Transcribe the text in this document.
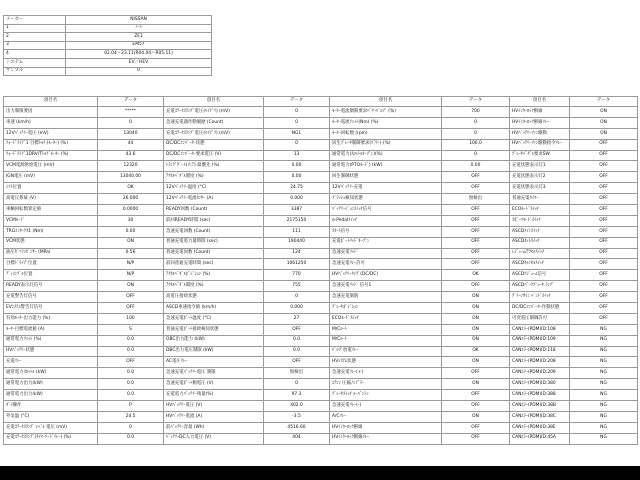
メーカー	NISSAN
1	ﾉｰﾄ
2	ZE1
3	EM57
4	02.04～23.11(R04.04～R05.11)
システム	EV／HEV
サンプル	0
項目名	データ	項目名	データ	項目名	データ	項目名	データ
出力制限要因	*****	充電ｽﾃｰﾀｽﾗﾝﾌﾟ電圧(ﾊｲﾌﾞﾘ) (mV)	0	ﾓｰﾀｰ電流制限要求ﾊﾟﾜｰﾊﾞﾙﾌﾞ (%)	700	HVｲﾝﾀｰﾛｯｸ断線	ON
車速 (km/h)	0	急速充電器作動履歴 (Count)	0	ﾓｰﾀｰ電流ﾘﾐｯﾄ(Nm) (%)	0	HVｲﾝﾀｰﾛｯｸ断線ﾘﾚｰ	ON
12Vﾊﾞｯﾃﾘｰ電圧 (mV)	13040	充電ｽﾃｰﾀｽﾗﾝﾌﾟ電圧(ﾊｲﾌﾞﾘ) (mV)	NG1	ﾓｰﾀｰ回転数 (rpm)	0	HVﾊﾞｯﾃﾘｰﾌｧﾝ駆動	ON
ﾌｫｰﾄﾞﾗｲﾌﾞ1 目標ﾄﾙｸ (ﾓｰﾀｰ) (%)	44	DC/DCｺﾝﾊﾞｰﾀｰ状態	0	回生ﾌﾞﾚｰｷ制御要求(ﾊﾟﾜｰ) (%)	100.0	HVﾊﾞｯﾃﾘｰﾌｧﾝ駆動指令ﾘﾚｰ	OFF
ﾌｫｰﾄﾞﾗｲﾌﾞ1DRV/Tﾄﾙｸﾞﾓｰﾀｰ (%)	43.6	DC/DCｺﾝﾊﾞｰﾀｰ要求電圧 (V)	13	通常電力(ｽﾛｯﾄﾙｵｰﾌﾟﾝ)(%)	0	ﾌﾞﾚｰｷﾍﾟﾀﾞﾙ要求SW	OFF
VCM電源供給電圧 (mV)	12320	ﾄﾗﾝｸﾞｹﾞｰﾄ(ﾘﾆｱ) 最優先 (%)	0.00	通常電力(PTOﾓｰﾄﾞ) (kW)	0.00	充電状態表示灯1	OFF
IGN電圧 (mV)	13040.00	ｱｸｾﾙﾍﾟﾀﾞﾙ開度 (%)	0.00	回生制御状態	OFF	充電状態表示灯2	OFF
ｼﾌﾄ位置	OK	12Vﾊﾞｯﾃﾘｰ温度 (°C)	24.75	12Vﾊﾞｯﾃﾘｰ充電	OFF	充電状態表示灯3	OFF
高電圧系統 (V)	26.000	12Vﾊﾞｯﾃﾘｰ電流ｾﾝｻｰ (A)	0.000	ﾌﾞﾗｯｼｭ検知状態	無検出	普通充電ﾀｲﾏｰ	OFF
車輌回転数算定値	0.0000	READY回数 (Count)	3387	ﾊﾞｯﾃﾘｰｼﾞｮﾝｽｲｯﾁ信号	OFF	ECOﾓｰﾄﾞｽｲｯﾁ	OFF
VCMﾓｰﾄﾞ	30	前回READY時間 (sec)	2175150	e-Pedalｽｲｯﾁ	OFF	ｽﾎﾟｰﾂﾓｰﾄﾞｽｲｯﾁ	OFF
TRGｺﾝﾀｰｸﾀ1 (Nm)	0.00	急速充電回数 (Count)	111	ｽﾀｰﾄ信号	OFF	ASCDﾒｲﾝｽｲｯﾁ	OFF
VCM状態	ON	普通充電電力量時間 (sec)	190440	充電ﾎﾟｰﾄﾘｯﾄﾞｵｰﾌﾟﾝ	OFF	ASCDｾｯﾄｽｲｯﾁ	OFF
油圧ｶﾞｿﾘﾝｾﾞﾝｻｰ (MPa)	0.56	普通充電回数 (Count)	124	急速充電ﾘｯﾄﾞ	OFF	ﾚｼﾞｭｰﾑ/ｱｸｾﾙｽｲｯﾁ	OFF
目標ﾄﾞﾗｲﾌﾞ位置	N/P	前回普通充電時間 (sec)	1061250	急速充電ﾘﾚｰ許可	OFF	ASCDｷｬﾝｾﾙｽｲｯﾁ	OFF
ﾃﾞｨﾒﾝﾌﾞﾙ位置	N/P	ｱｸｾﾙﾍﾟﾀﾞﾙﾎﾟｼﾞｼｮﾝ (%)	770	HVﾊﾞｯﾃﾘｰﾀｲﾌﾟ(DC/DC)	OK	ASCDﾘｼﾞｭｰﾑ信号	OFF
READY表示灯信号	ON	ｱｸｾﾙﾍﾟﾀﾞﾙ開度 (%)	755	急速充電ﾘｯﾄﾞ 信号1	OFF	ASCDﾊﾟｰｸﾌﾞﾚｰｷ ﾗﾝﾌﾟ	OFF
充電警告灯信号	OFF	高電圧接続状態	0	急速充電制限	ON	ｸﾞﾘｰﾝｻｲﾝ ﾍﾞﾝﾄﾞｽｲｯﾁ	OFF
EVｼｽﾃﾑ警告灯信号	OFF	ASCD車速指令値 (km/h)	0.000	ﾌﾞﾚｰｷﾎﾟｼﾞｼｮﾝ	ON	DC/DCｺﾝﾊﾞｰﾀｰ作動状態	OFF
有効ﾓｰﾀｰ出力能力 (%)	100	急速充電ﾎﾟｰﾄ温度 (°C)	27	ECOﾓｰﾄﾞｽｲｯﾁ	ON	可変電圧制御許可	OFF
ﾓｰﾀｰ目標電流値 (A)	S	普通充電ﾎﾟｰﾄ接続検知状態	OFF	M/Cﾙｰﾄ	ON	CANｴﾗｰ(PDM)ID:108	NG
通常電力ﾘﾐｯﾄ (%)	0.0	OBC出力能力 (kW)	0.0	M/Cﾙｰﾄ	ON	CANｴﾗｰ(PDM)ID:109	NG
HVﾊﾞｯﾃﾘｰ状態	0.0	DBC出力電圧制限 (kW)	0.0	ﾊﾞﾙﾌﾞ放電ﾘﾚｰ	OK	CANｴﾗｰ(PDM)ID:118	NG
充電ﾘﾚｰ	OFF	AC電圧ﾘﾚｰ	OFF	HVｼｽﾃﾑ状態	ON	CANｴﾗｰ(PDM)ID:208	NG
通常電力ｽﾛｯﾄﾙ (kW)	0.0	急速充電ﾊﾞｯﾃﾘｰ電圧 制限	無検出	急速充電ﾘﾚｰ(+)	OFF	CANｴﾗｰ(PDM)ID:209	NG
通常電力出力(kW)	0.0	急速充電ﾎﾟｰﾄ側電圧 (V)	0	ｴｱｺﾝ 圧縮ﾉﾝﾌﾞﾗｰ	ON	CANｴﾗｰ(PDM)ID:380	NG
通常電力出力(kW)	0.0	充電電力ﾊﾞｯﾃﾘｰ残量(%)	97.3	ﾌﾟﾚｰｷｽｲｯﾁ ﾙｰﾊﾟﾝﾄﾝ	OFF	CANｴﾗｰ(PDM)ID:388	NG
ﾀﾞｲ操作	P	HVﾊﾞｯﾃﾘｰ電圧 (V)	402.0	急速充電ﾘﾚｰ(-)	OFF	CANｴﾗｰ(PDM)ID:38B	NG
外気温 (°C)	24.5	HVﾊﾞｯﾃﾘｰ電流 (A)	-3.5	A/Cﾘﾚｰ	ON	CANｴﾗｰ(PDM)ID:38C	NG
充電ｽﾃｰﾀｽﾗﾝﾌﾟ ﾚﾍﾞﾙ 電圧 (mV)	0	前ﾊﾞｯﾃﾘｰ容量 (Wh)	4516.60	HVｲﾝﾀｰﾛｯｸ断線	OFF	CANｴﾗｰ(PDM)ID:38E	NG
充電ｽﾃｰﾀｽﾗﾝﾌﾟ(ﾀｲﾏｰﾘｰﾄﾞﾘﾚｰ) (%)	0.0	ﾊﾞｯﾃﾘｰDC入力電圧 (V)	404	HVｲﾝﾀｰﾛｯｸ断線ﾘﾚｰ	OFF	CANｴﾗｰ(PDM)ID:45A	NG
